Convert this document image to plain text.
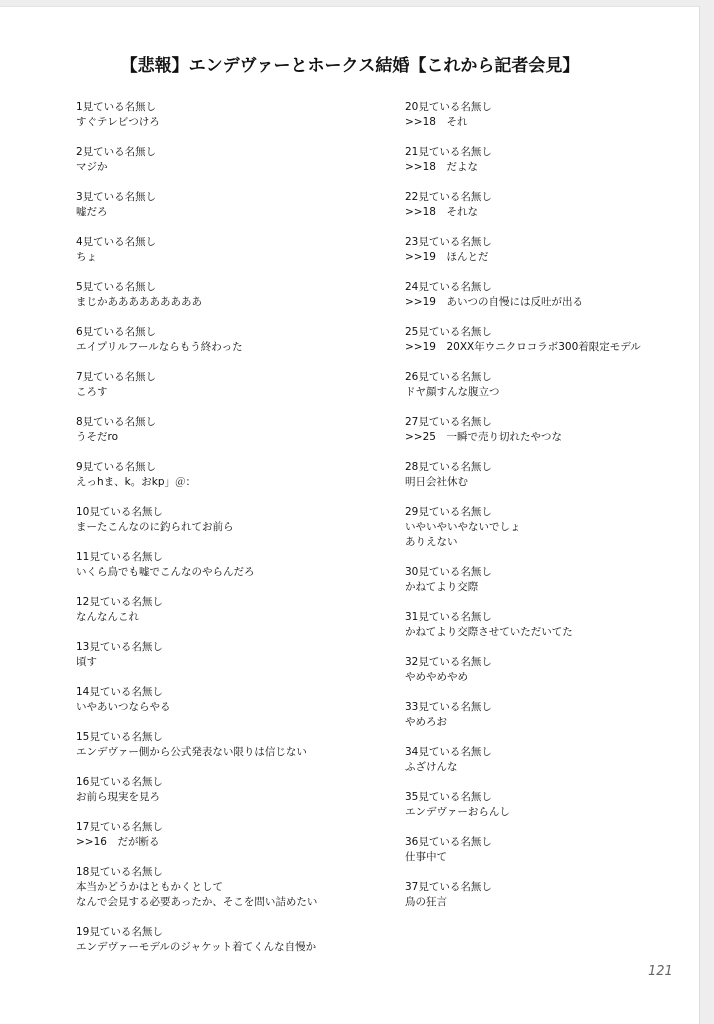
【悲報】エンデヴァーとホークス結婚【これから記者会見】
1見ている名無し
すぐテレビつけろ
2見ている名無し
マジか
3見ている名無し
嘘だろ
4見ている名無し
ちょ
5見ている名無し
まじかあああああああああ
6見ている名無し
エイプリルフールならもう終わった
7見ている名無し
ころす
8見ている名無し
うそだro
9見ている名無し
えっhま、k。おkp」＠：
10見ている名無し
まーたこんなのに釣られてお前ら
11見ている名無し
いくら鳥でも嘘でこんなのやらんだろ
12見ている名無し
なんなんこれ
13見ている名無し
頃す
14見ている名無し
いやあいつならやる
15見ている名無し
エンデヴァー側から公式発表ない限りは信じない
16見ている名無し
お前ら現実を見ろ
17見ている名無し
>>16　だが断る
18見ている名無し
本当かどうかはともかくとして
なんで会見する必要あったか、そこを問い詰めたい
19見ている名無し
エンデヴァーモデルのジャケット着てくんな自慢か
20見ている名無し
>>18　それ
21見ている名無し
>>18　だよな
22見ている名無し
>>18　それな
23見ている名無し
>>19　ほんとだ
24見ている名無し
>>19　あいつの自慢には反吐が出る
25見ている名無し
>>19　20XX年ウニクロコラボ300着限定モデル
26見ている名無し
ドヤ顔すんな腹立つ
27見ている名無し
>>25　一瞬で売り切れたやつな
28見ている名無し
明日会社休む
29見ている名無し
いやいやいやないでしょ
ありえない
30見ている名無し
かねてより交際
31見ている名無し
かねてより交際させていただいてた
32見ている名無し
やめやめやめ
33見ている名無し
やめろお
34見ている名無し
ふざけんな
35見ている名無し
エンデヴァーおらんし
36見ている名無し
仕事中て
37見ている名無し
鳥の狂言
121
